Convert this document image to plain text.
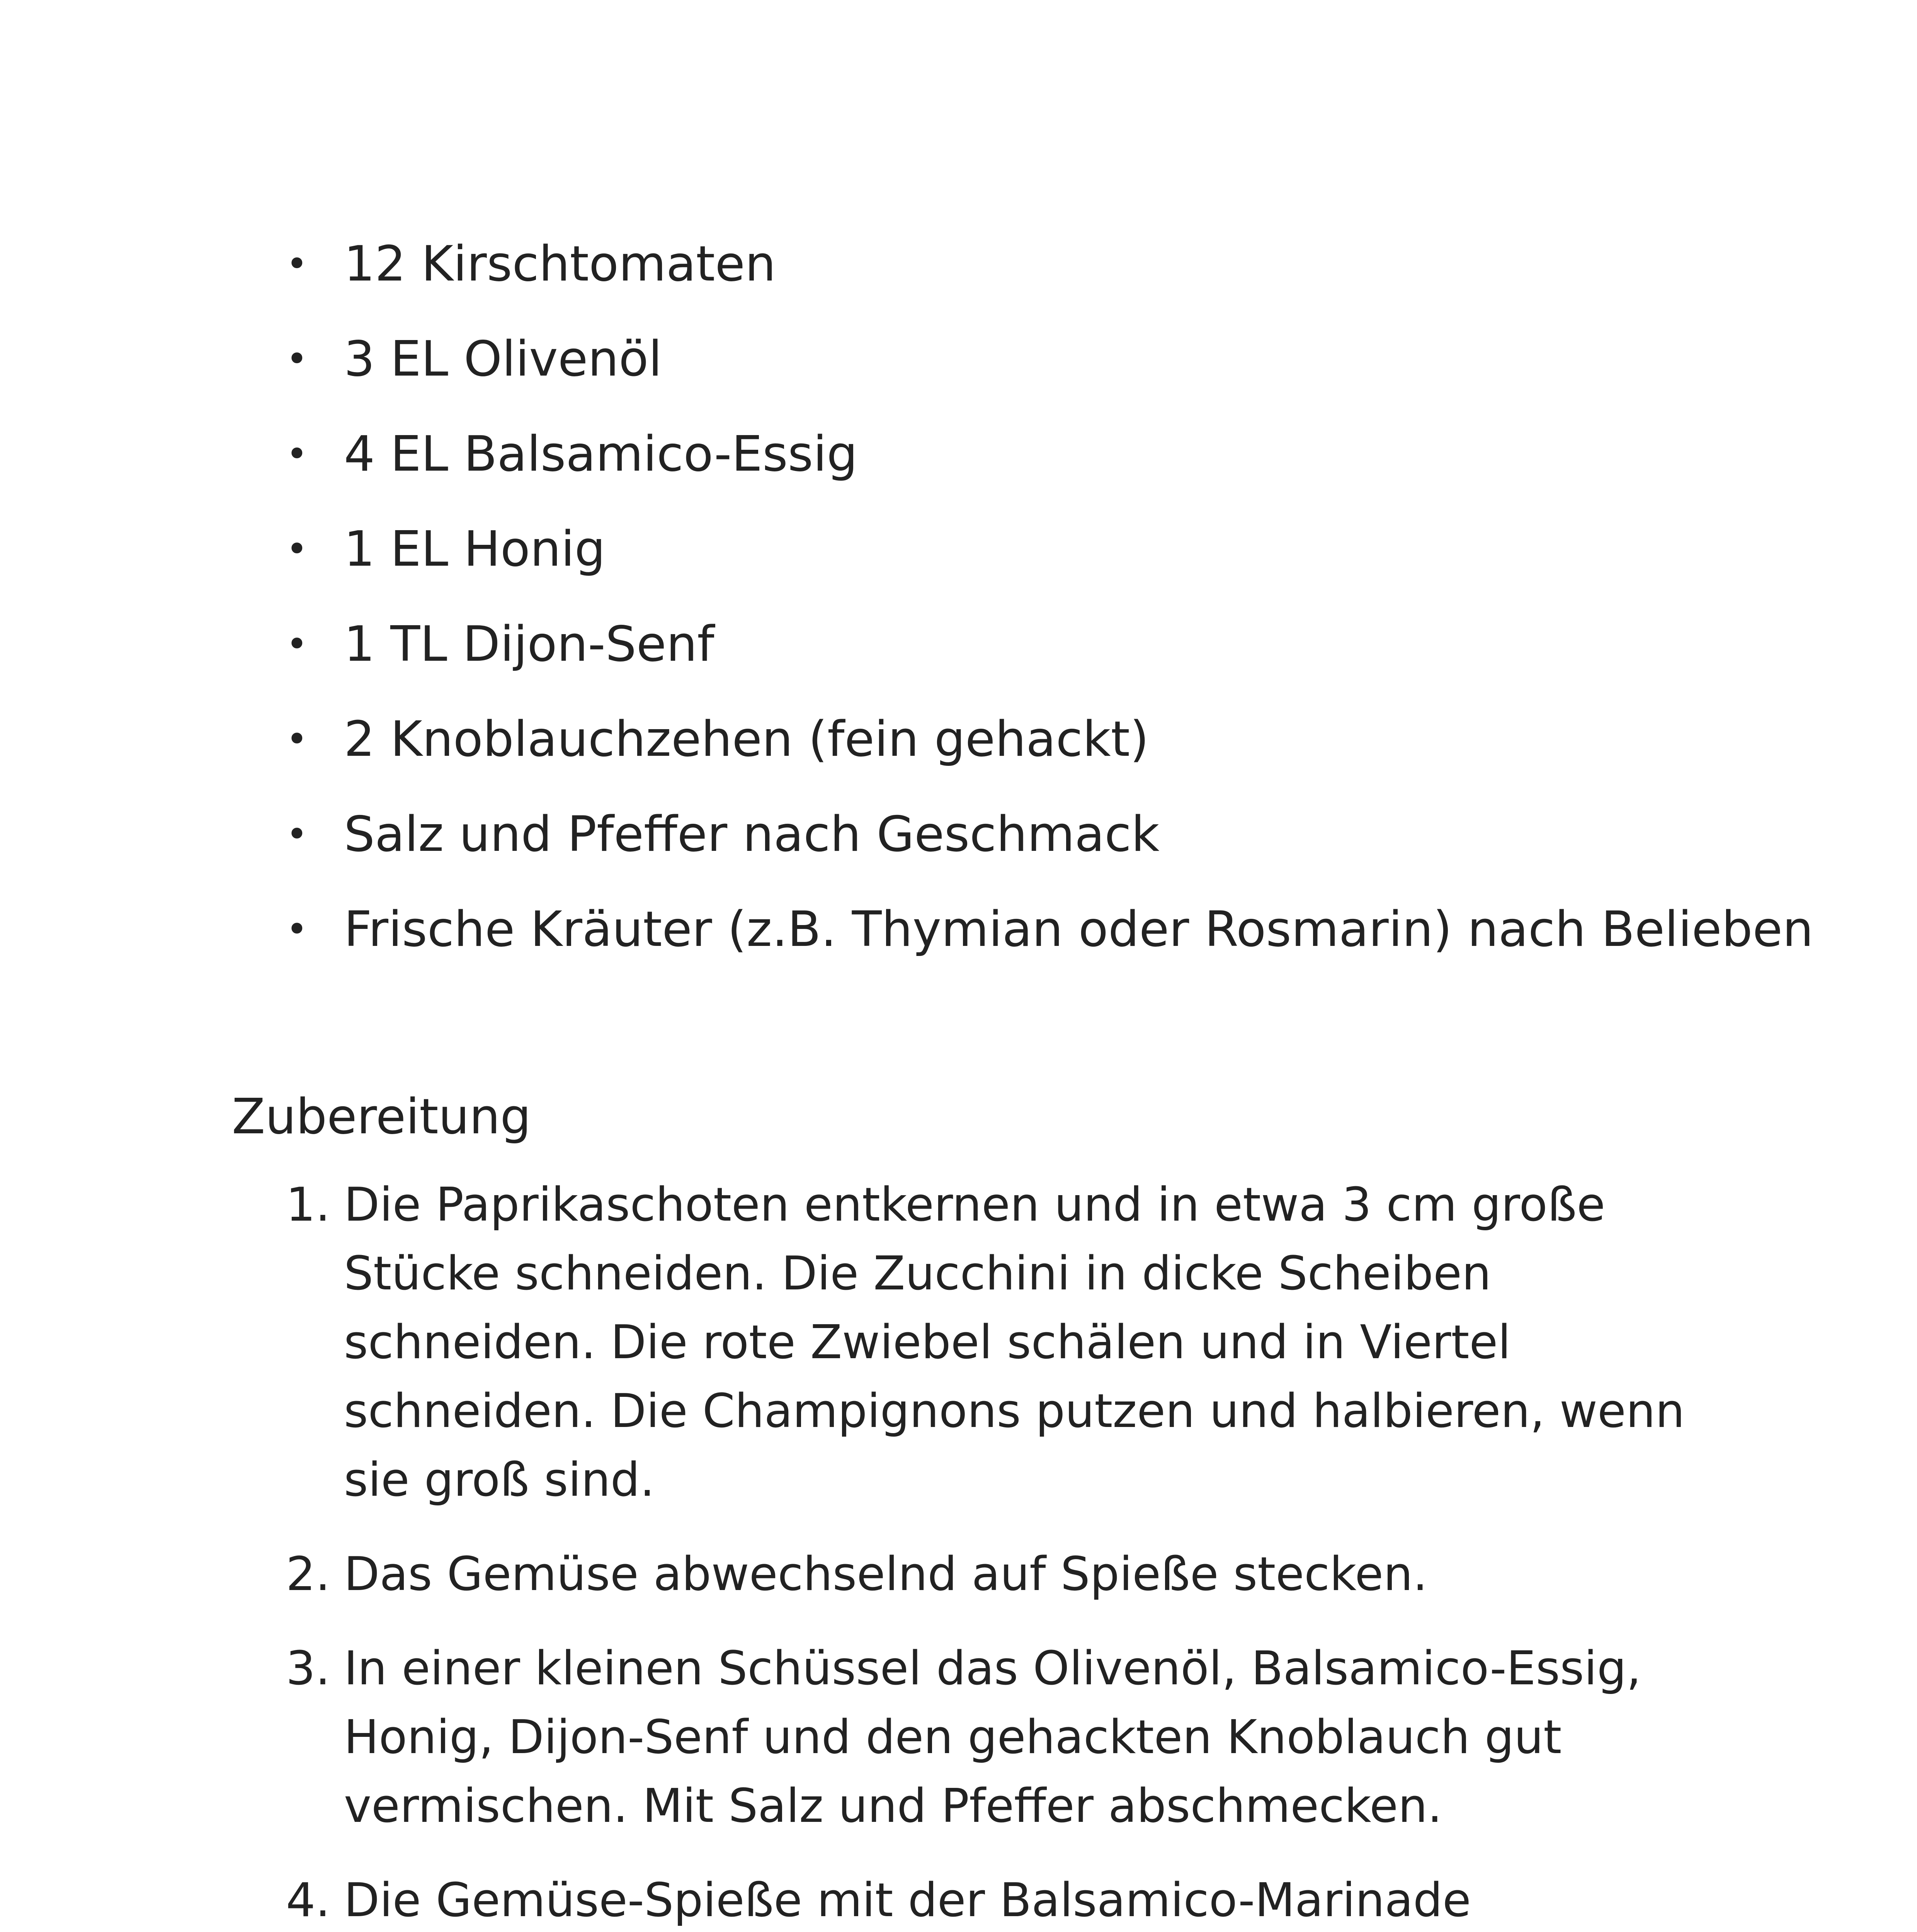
• 12 Kirschtomaten
• 3 EL Olivenöl
• 4 EL Balsamico-Essig
• 1 EL Honig
• 1 TL Dijon-Senf
• 2 Knoblauchzehen (fein gehackt)
• Salz und Pfeffer nach Geschmack
• Frische Kräuter (z.B. Thymian oder Rosmarin) nach Belieben
Zubereitung
1. Die Paprikaschoten entkernen und in etwa 3 cm große Stücke schneiden. Die Zucchini in dicke Scheiben schneiden. Die rote Zwiebel schälen und in Viertel schneiden. Die Champignons putzen und halbieren, wenn sie groß sind.
2. Das Gemüse abwechselnd auf Spieße stecken.
3. In einer kleinen Schüssel das Olivenöl, Balsamico-Essig, Honig, Dijon-Senf und den gehackten Knoblauch gut vermischen. Mit Salz und Pfeffer abschmecken.
4. Die Gemüse-Spieße mit der Balsamico-Marinade
